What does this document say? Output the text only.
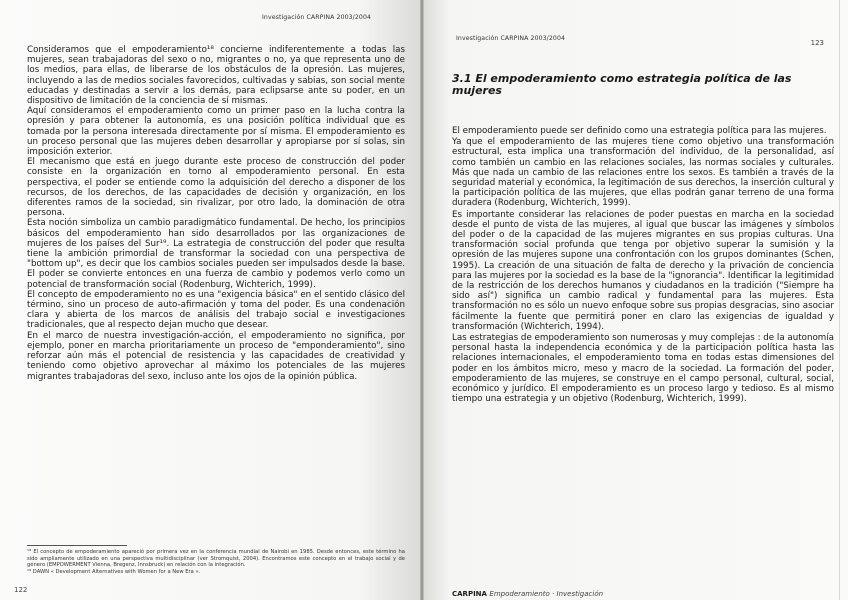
Investigación CARPINA 2003/2004

Consideramos que el empoderamiento¹⁸ concierne indiferentemente a todas las mujeres, sean trabajadoras del sexo o no, migrantes o no, ya que representa uno de los medios, para ellas, de liberarse de los obstáculos de la opresión. Las mujeres, incluyendo a las de medios sociales favorecidos, cultivadas y sabias, son social mente educadas y destinadas a servir a los demás, para eclipsarse ante su poder, en un dispositivo de limitación de la conciencia de sí mismas.

Aquí consideramos el empoderamiento como un primer paso en la lucha contra la opresión y para obtener la autonomía, es una posición política individual que es tomada por la persona interesada directamente por sí misma. El empoderamiento es un proceso personal que las mujeres deben desarrollar y apropiarse por sí solas, sin imposición exterior.

El mecanismo que está en juego durante este proceso de construcción del poder consiste en la organización en torno al empoderamiento personal. En esta perspectiva, el poder se entiende como la adquisición del derecho a disponer de los recursos, de los derechos, de las capacidades de decisión y organización, en los diferentes ramos de la sociedad, sin rivalizar, por otro lado, la dominación de otra persona.

Esta noción simboliza un cambio paradigmático fundamental. De hecho, los principios básicos del empoderamiento han sido desarrollados por las organizaciones de mujeres de los países del Sur¹⁹. La estrategia de construcción del poder que resulta tiene la ambición primordial de transformar la sociedad con una perspectiva de "bottom up", es decir que los cambios sociales pueden ser impulsados desde la base. El poder se convierte entonces en una fuerza de cambio y podemos verlo como un potencial de transformación social (Rodenburg, Wichterich, 1999).

El concepto de empoderamiento no es una "exigencia básica" en el sentido clásico del término, sino un proceso de auto-afirmación y toma del poder. Es una condenación clara y abierta de los marcos de análisis del trabajo social e investigaciones tradicionales, que al respecto dejan mucho que desear.

En el marco de nuestra investigación-acción, el empoderamiento no significa, por ejemplo, poner en marcha prioritariamente un proceso de "emponderamiento", sino reforzar aún más el potencial de resistencia y las capacidades de creatividad y teniendo como objetivo aprovechar al máximo los potenciales de las mujeres migrantes trabajadoras del sexo, incluso ante los ojos de la opinión pública.

¹⁸ El concepto de empoderamiento apareció por primera vez en la conferencia mundial de Nairobi en 1985. Desde entonces, este término ha sido ampliamente utilizado en una perspectiva multidisciplinar (ver Stromquist, 2004). Encontramos este concepto en el trabajo social y de género (EMPOWERMENT Vienna, Bregenz, Innsbruck) en relación con la integración.

¹⁹ DAWN « Development Alternatives with Women for a New Era ».

122
Investigación CARPINA 2003/2004
123
3.1 El empoderamiento como estrategia política de las mujeres

El empoderamiento puede ser definido como una estrategia política para las mujeres.

Ya que el empoderamiento de las mujeres tiene como objetivo una transformación estructural, esta implica una transformación del individuo, de la personalidad, así como también un cambio en las relaciones sociales, las normas sociales y culturales. Más que nada un cambio de las relaciones entre los sexos. Es también a través de la seguridad material y económica, la legitimación de sus derechos, la inserción cultural y la participación política de las mujeres, que ellas podrán ganar terreno de una forma duradera (Rodenburg, Wichterich, 1999).

Es importante considerar las relaciones de poder puestas en marcha en la sociedad desde el punto de vista de las mujeres, al igual que buscar las imágenes y símbolos del poder o de la capacidad de las mujeres migrantes en sus propias culturas. Una transformación social profunda que tenga por objetivo superar la sumisión y la opresión de las mujeres supone una confrontación con los grupos dominantes (Schen, 1995). La creación de una situación de falta de derecho y la privación de conciencia para las mujeres por la sociedad es la base de la "ignorancia". Identificar la legitimidad de la restricción de los derechos humanos y ciudadanos en la tradición ("Siempre ha sido así") significa un cambio radical y fundamental para las mujeres. Esta transformación no es sólo un nuevo enfoque sobre sus propias desgracias, sino asociar fácilmente la fuente que permitirá poner en claro las exigencias de igualdad y transformación (Wichterich, 1994).

Las estrategias de empoderamiento son numerosas y muy complejas : de la autonomía personal hasta la independencia económica y de la participación política hasta las relaciones internacionales, el empoderamiento toma en todas estas dimensiones del poder en los ámbitos micro, meso y macro de la sociedad. La formación del poder, empoderamiento de las mujeres, se construye en el campo personal, cultural, social, económico y jurídico. El empoderamiento es un proceso largo y tedioso. Es al mismo tiempo una estrategia y un objetivo (Rodenburg, Wichterich, 1999).

CARPINA Empoderamiento · Investigación
